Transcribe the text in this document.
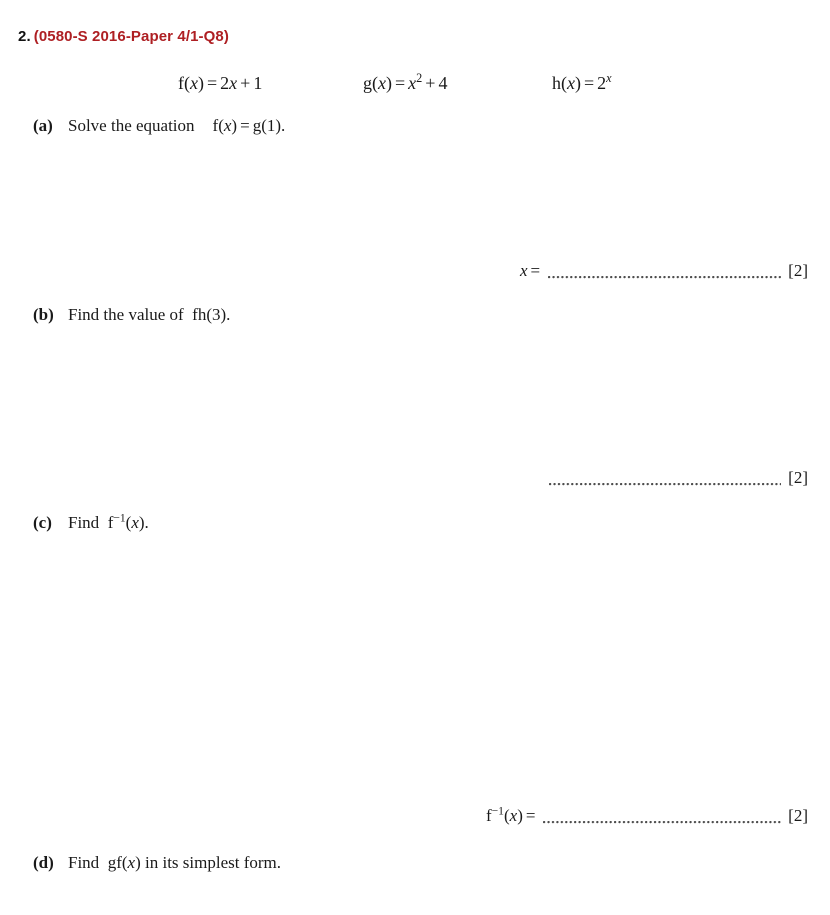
2. (0580-S 2016-Paper 4/1-Q8)
f(x) = 2x + 1	$g(x) = x^2 + 4$	$h(x) = 2^x$
(a) Solve the equation f(x) = g(1).
x =	[2]
(b) Find the value of fh(3).
[2]
(c) Find $f^{-1}(x)$.
$f^{-1}(x)$ =	[2]
(d) Find gf(x) in its simplest form.
